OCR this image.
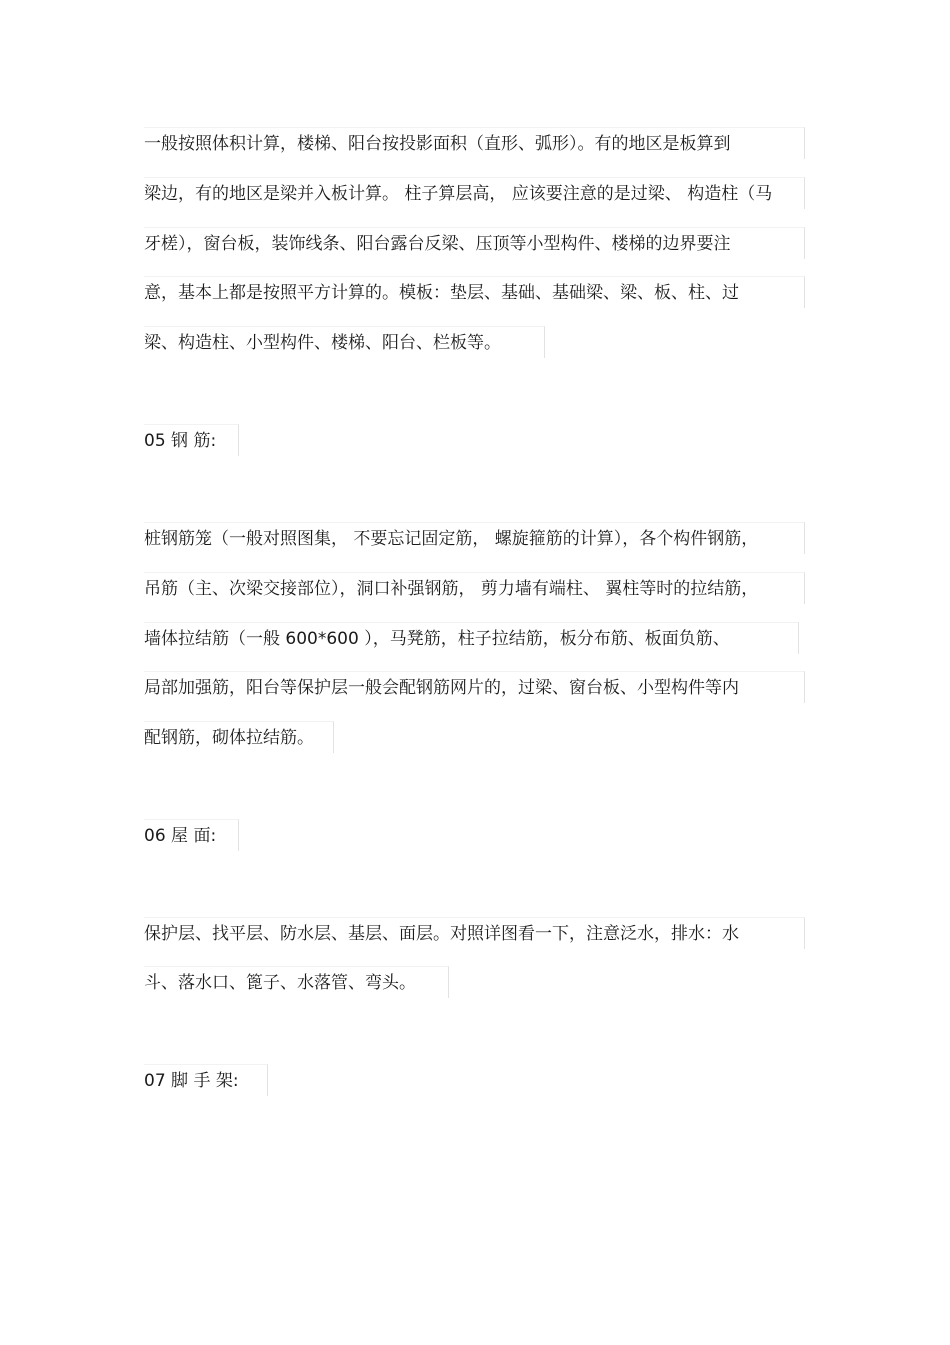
一般按照体积计算，楼梯、阳台按投影面积（直形、弧形）。有的地区是板算到
梁边，有的地区是梁并入板计算。 柱子算层高， 应该要注意的是过梁、 构造柱（马
牙槎），窗台板，装饰线条、阳台露台反梁、压顶等小型构件、楼梯的边界要注
意，基本上都是按照平方计算的。模板：垫层、基础、基础梁、梁、板、柱、过
梁、构造柱、小型构件、楼梯、阳台、栏板等。
05 钢 筋:
桩钢筋笼（一般对照图集， 不要忘记固定筋， 螺旋箍筋的计算），各个构件钢筋，
吊筋（主、次梁交接部位），洞口补强钢筋， 剪力墙有端柱、 翼柱等时的拉结筋，
墙体拉结筋（一般 600*600 ），马凳筋，柱子拉结筋，板分布筋、板面负筋、
局部加强筋，阳台等保护层一般会配钢筋网片的，过梁、窗台板、小型构件等内
配钢筋，砌体拉结筋。
06 屋 面:
保护层、找平层、防水层、基层、面层。对照详图看一下，注意泛水，排水：水
斗、落水口、篦子、水落管、弯头。
07 脚 手 架:
